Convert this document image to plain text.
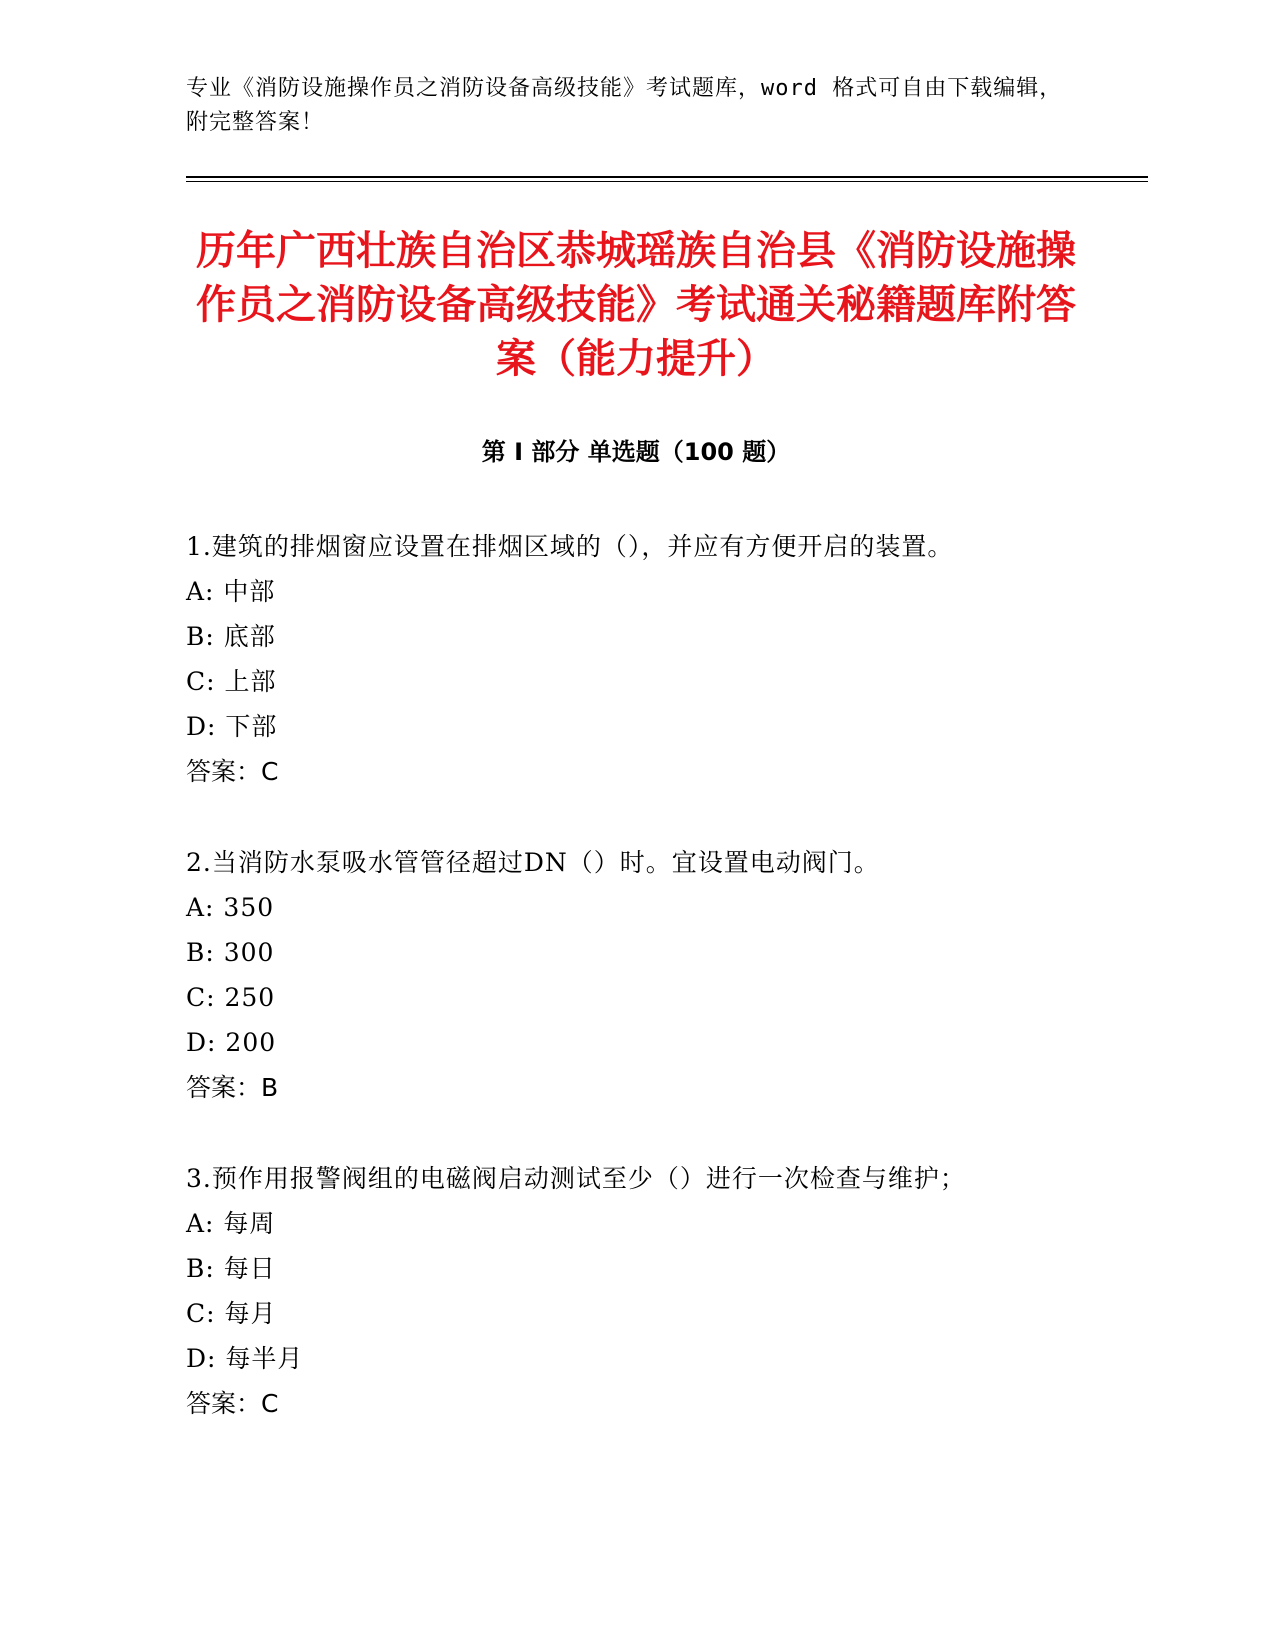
专业《消防设施操作员之消防设备高级技能》考试题库，word 格式可自由下载编辑，附完整答案！
历年广西壮族自治区恭城瑶族自治县《消防设施操作员之消防设备高级技能》考试通关秘籍题库附答案（能力提升）
第 I 部分 单选题（100 题）
1.建筑的排烟窗应设置在排烟区域的（），并应有方便开启的装置。
A: 中部
B: 底部
C: 上部
D: 下部
答案：C
2.当消防水泵吸水管管径超过DN（）时。宜设置电动阀门。
A: 350
B: 300
C: 250
D: 200
答案：B
3.预作用报警阀组的电磁阀启动测试至少（）进行一次检查与维护；
A: 每周
B: 每日
C: 每月
D: 每半月
答案：C
